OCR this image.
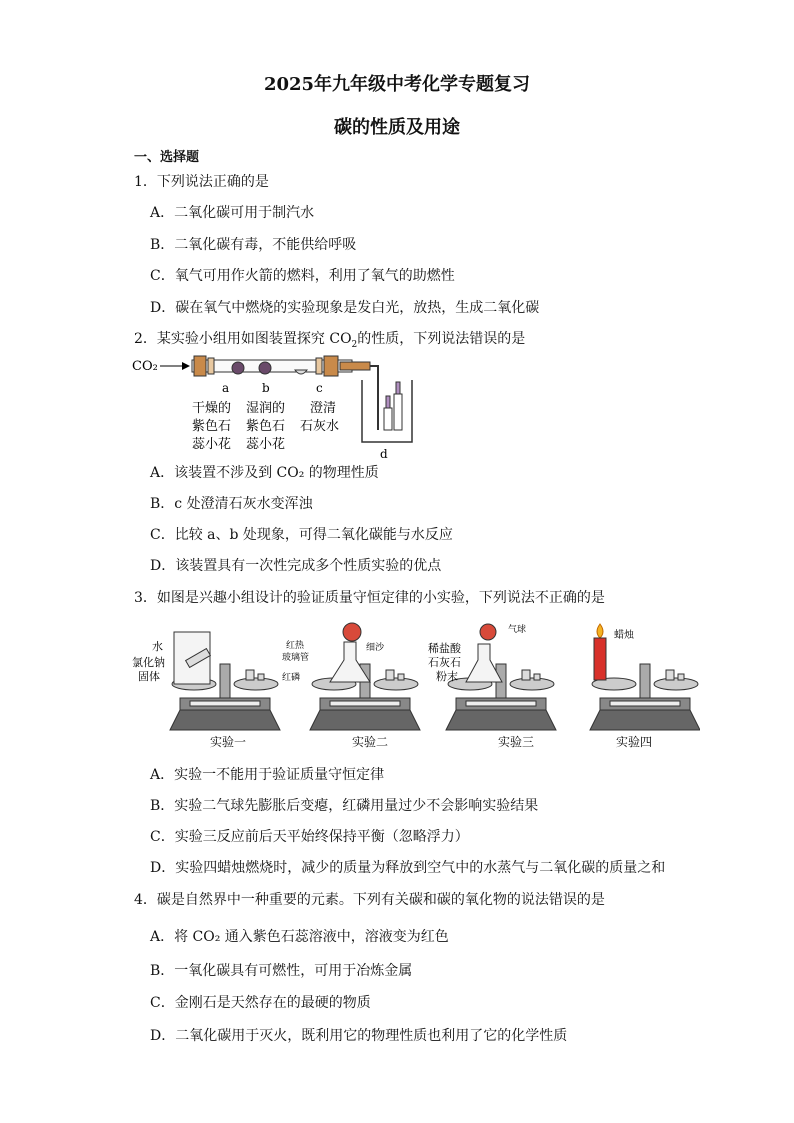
2025年九年级中考化学专题复习
碳的性质及用途
一、选择题
1．下列说法正确的是
A．二氧化碳可用于制汽水
B．二氧化碳有毒，不能供给呼吸
C．氧气可用作火箭的燃料，利用了氧气的助燃性
D．碳在氧气中燃烧的实验现象是发白光，放热，生成二氧化碳
2．某实验小组用如图装置探究 $CO_2$的性质，下列说法错误的是
CO₂
a	b	c
d
干燥的
紫色石
蕊小花
湿润的
紫色石
蕊小花
澄清
石灰水
A．该装置不涉及到 CO₂ 的物理性质
B．c 处澄清石灰水变浑浊
C．比较 a、b 处现象，可得二氧化碳能与水反应
D．该装置具有一次性完成多个性质实验的优点
3．如图是兴趣小组设计的验证质量守恒定律的小实验，下列说法不正确的是
水
氯化钠
固体
实验一
红热
玻璃管
细沙
红磷
实验二
气球
稀盐酸
石灰石
粉末
实验三
蜡烛
实验四
A．实验一不能用于验证质量守恒定律
B．实验二气球先膨胀后变瘪，红磷用量过少不会影响实验结果
C．实验三反应前后天平始终保持平衡（忽略浮力）
D．实验四蜡烛燃烧时，减少的质量为释放到空气中的水蒸气与二氧化碳的质量之和
4．碳是自然界中一种重要的元素。下列有关碳和碳的氧化物的说法错误的是
A．将 CO₂ 通入紫色石蕊溶液中，溶液变为红色
B．一氧化碳具有可燃性，可用于冶炼金属
C．金刚石是天然存在的最硬的物质
D．二氧化碳用于灭火，既利用它的物理性质也利用了它的化学性质
